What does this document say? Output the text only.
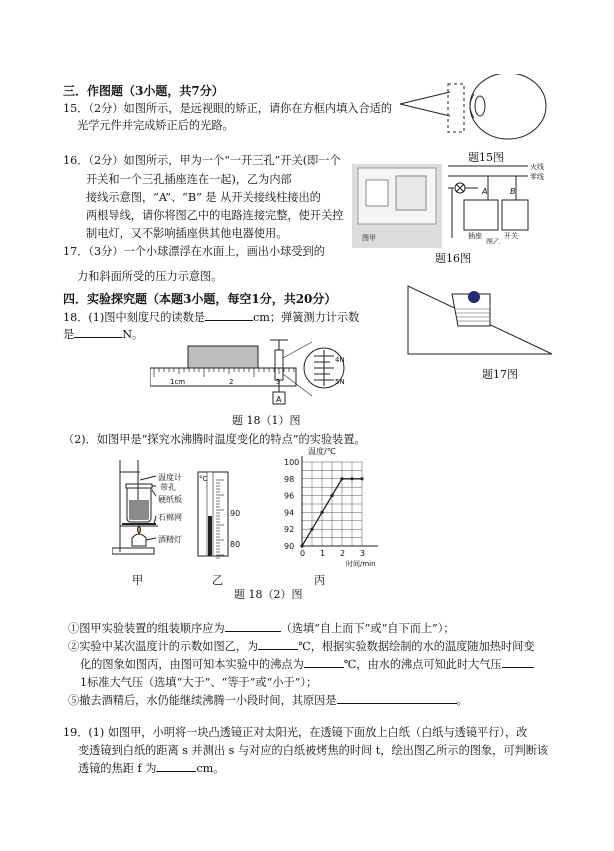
三．作图题（3小题，共7分）
15．（2分）如图所示，是远视眼的矫正，请你在方框内填入合适的
光学元件并完成矫正后的光路。
题15图
16．（2分）如图所示，甲为一个“一开三孔”开关(即一个
开关和一个三孔插座连在一起)，乙为内部
接线示意图，“A”、“B” 是 从开关接线柱接出的
两根导线，请你将图乙中的电路连接完整，使开关控
制电灯，又不影响插座供其他电器使用。	图甲
火线
零线
A	B
插座	开关
图乙
题16图
17．（3分）一个小球漂浮在水面上，画出小球受到的
力和斜面所受的压力示意图。
题17图
四．实验探究题（本题3小题，每空1分，共20分）
18．(1)图中刻度尺的读数是	cm；弹簧测力计示数
是	N。
1cm	2	3
A
4N
5N
题 18（1）图
（2)．如图甲是“探究水沸腾时温度变化的特点”的实验装置。
温度计
带孔
硬纸板
石棉网
酒精灯
°C
90
80	90
92
94
96
98
100
0 1 2 3
温度/℃
时间/min
甲	乙	丙
题 18（2）图
①图甲实验装置的组装顺序应为	（选填“自上而下”或“自下而上”）；
②实验中某次温度计的示数如图乙，为	℃，根据实验数据绘制的水的温度随加热时间变
化的图象如图丙，由图可知本实验中的沸点为	℃，由水的沸点可知此时大气压
1标准大气压（选填“大于”、“等于”或“小于”）；
⑤撤去酒精后，水仍能继续沸腾一小段时间，其原因是	。
19．(1) 如图甲，小明将一块凸透镜正对太阳光，在透镜下面放上白纸（白纸与透镜平行），改
变透镜到白纸的距离 s 并测出 s 与对应的白纸被烤焦的时间 t，绘出图乙所示的图象，可判断该
透镜的焦距 f 为	cm。
